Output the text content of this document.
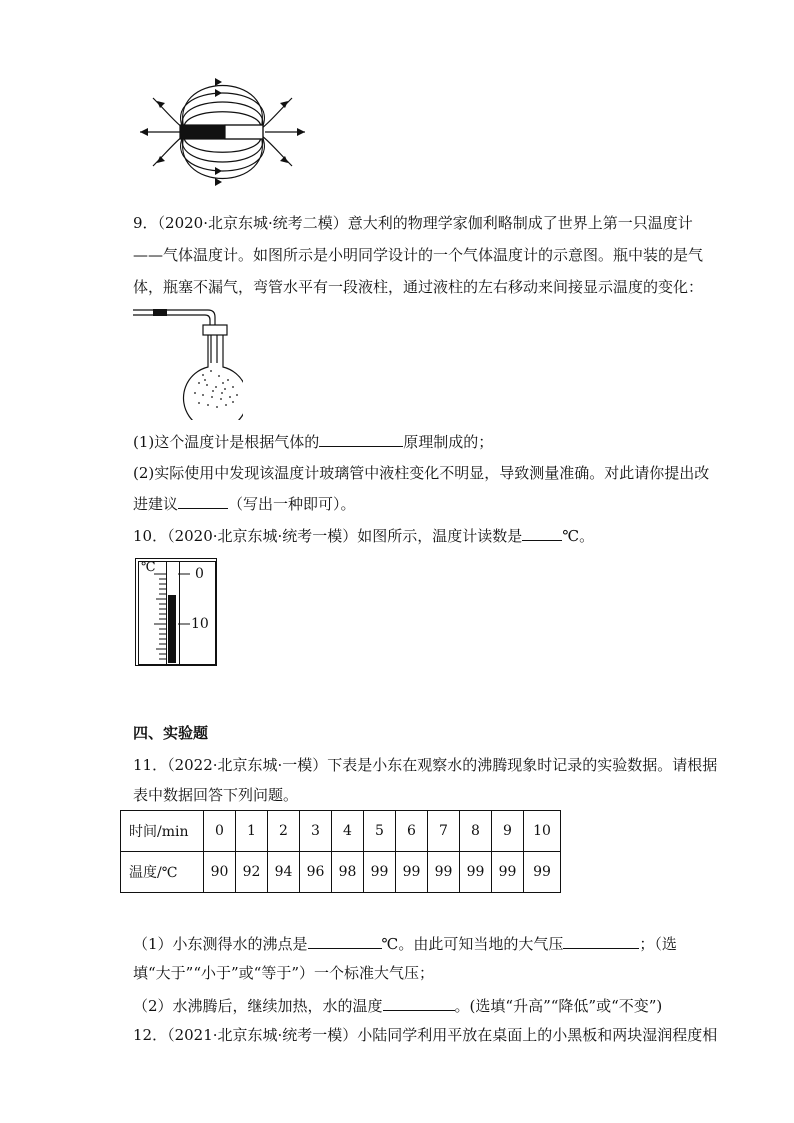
9．（2020·北京东城·统考二模）意大利的物理学家伽利略制成了世界上第一只温度计
——气体温度计。如图所示是小明同学设计的一个气体温度计的示意图。瓶中装的是气
体，瓶塞不漏气，弯管水平有一段液柱，通过液柱的左右移动来间接显示温度的变化：
(1)这个温度计是根据气体的	原理制成的；
(2)实际使用中发现该温度计玻璃管中液柱变化不明显，导致测量准确。对此请你提出改
进建议	（写出一种即可）。
10．（2020·北京东城·统考一模）如图所示，温度计读数是	℃。
℃	0
10
四、实验题
11．（2022·北京东城·一模）下表是小东在观察水的沸腾现象时记录的实验数据。请根据
表中数据回答下列问题。
时间/min	0	1	2	3	4	5	6	7	8	9	10
温度/℃	90	92	94	96	98	99	99	99	99	99	99
（1）小东测得水的沸点是	℃。由此可知当地的大气压	；（选
填“大于”“小于”或“等于”）一个标准大气压；
（2）水沸腾后，继续加热，水的温度	。(选填“升高”“降低”或“不变”)
12．（2021·北京东城·统考一模）小陆同学利用平放在桌面上的小黑板和两块湿润程度相
